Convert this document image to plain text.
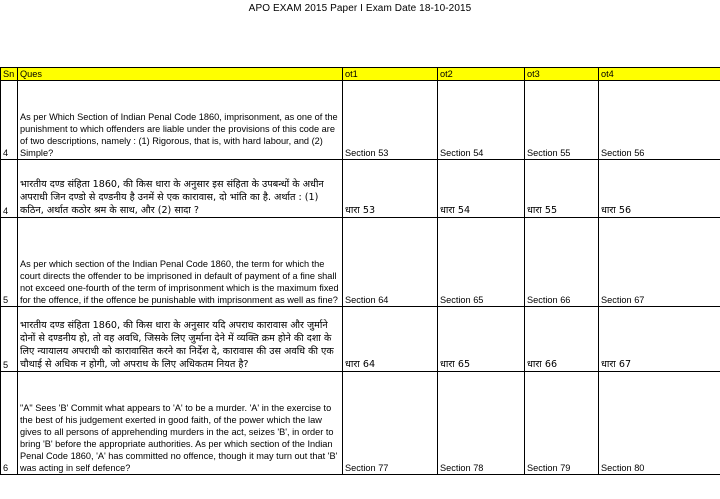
APO EXAM 2015 Paper I Exam Date 18-10-2015
Sn	Ques	ot1	ot2	ot3	ot4
4	As per Which Section of Indian Penal Code 1860, imprisonment, as one of the punishment to which offenders are liable under the provisions of this code are of two descriptions, namely : (1) Rigorous, that is, with hard labour, and (2) Simple?	Section 53	Section 54	Section 55	Section 56
4	भारतीय दण्ड संहिता 1860, की किस धारा के अनुसार इस संहिता के उपबन्धों के अधीन अपराधी जिन दण्डो से दण्डनीय है उनमें से एक कारावास, दो भांति का है. अर्थात : (1) कठिन, अर्थात कठोर श्रम के साथ, और (2) सादा ?	धारा 53	धारा 54	धारा 55	धारा 56
5	As per which section of the Indian Penal Code 1860, the term for which the court directs the offender to be imprisoned in default of payment of a fine shall not exceed one-fourth of the term of imprisonment which is the maximum fixed for the offence, if the offence be punishable with imprisonment as well as fine?	Section 64	Section 65	Section 66	Section 67
5	भारतीय दण्ड संहिता 1860, की किस धारा के अनुसार यदि अपराध कारावास और जुर्माने दोनों से दण्डनीय हो, तो वह अवधि, जिसके लिए जुर्माना देने में व्यक्ति क्रम होने की दशा के लिए न्यायालय अपराधी को कारावासित करने का निर्देश दे, कारावास की उस अवधि की एक चौथाई से अधिक न होगी, जो अपराध के लिए अधिकतम नियत है?	धारा 64	धारा 65	धारा 66	धारा 67
6	"A" Sees 'B' Commit what appears to 'A' to be a murder. 'A' in the exercise to the best of his judgement exerted in good faith, of the power which the law gives to all persons of apprehending murders in the act, seizes 'B', in order to bring 'B' before the appropriate authorities. As per which section of the Indian Penal Code 1860, 'A' has committed no offence, though it may turn out that 'B' was acting in self defence?	Section 77	Section 78	Section 79	Section 80
